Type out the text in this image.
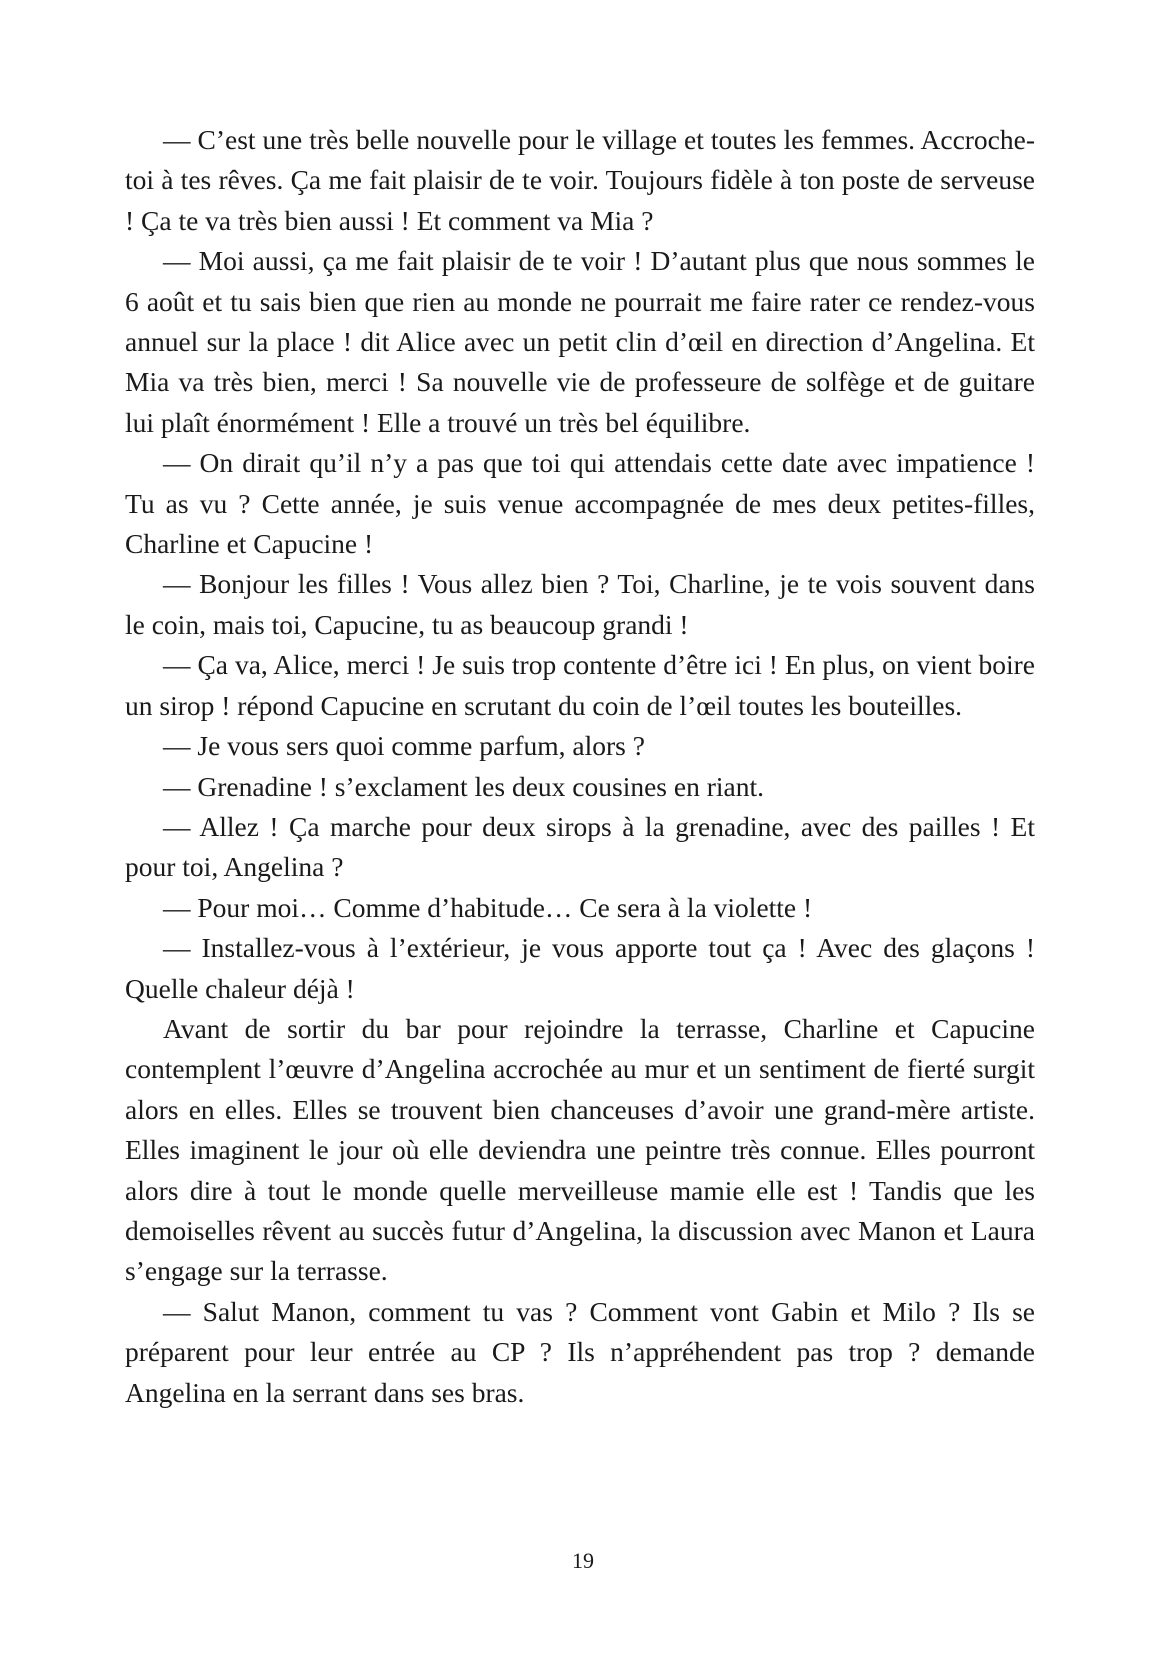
— C’est une très belle nouvelle pour le village et toutes les femmes. Accroche-toi à tes rêves. Ça me fait plaisir de te voir. Toujours fidèle à ton poste de serveuse ! Ça te va très bien aussi ! Et comment va Mia ?

— Moi aussi, ça me fait plaisir de te voir ! D’autant plus que nous sommes le 6 août et tu sais bien que rien au monde ne pourrait me faire rater ce rendez-vous annuel sur la place ! dit Alice avec un petit clin d’œil en direction d’Angelina. Et Mia va très bien, merci ! Sa nouvelle vie de professeure de solfège et de guitare lui plaît énormément ! Elle a trouvé un très bel équilibre.

— On dirait qu’il n’y a pas que toi qui attendais cette date avec impatience ! Tu as vu ? Cette année, je suis venue accompagnée de mes deux petites-filles, Charline et Capucine !

— Bonjour les filles ! Vous allez bien ? Toi, Charline, je te vois souvent dans le coin, mais toi, Capucine, tu as beaucoup grandi !

— Ça va, Alice, merci ! Je suis trop contente d’être ici ! En plus, on vient boire un sirop ! répond Capucine en scrutant du coin de l’œil toutes les bouteilles.

— Je vous sers quoi comme parfum, alors ?

— Grenadine ! s’exclament les deux cousines en riant.

— Allez ! Ça marche pour deux sirops à la grenadine, avec des pailles ! Et pour toi, Angelina ?

— Pour moi… Comme d’habitude… Ce sera à la violette !

— Installez-vous à l’extérieur, je vous apporte tout ça ! Avec des glaçons ! Quelle chaleur déjà !

Avant de sortir du bar pour rejoindre la terrasse, Charline et Capucine contemplent l’œuvre d’Angelina accrochée au mur et un sentiment de fierté surgit alors en elles. Elles se trouvent bien chanceuses d’avoir une grand-mère artiste. Elles imaginent le jour où elle deviendra une peintre très connue. Elles pourront alors dire à tout le monde quelle merveilleuse mamie elle est ! Tandis que les demoiselles rêvent au succès futur d’Angelina, la discussion avec Manon et Laura s’engage sur la terrasse.

— Salut Manon, comment tu vas ? Comment vont Gabin et Milo ? Ils se préparent pour leur entrée au CP ? Ils n’appréhendent pas trop ? demande Angelina en la serrant dans ses bras.

19
